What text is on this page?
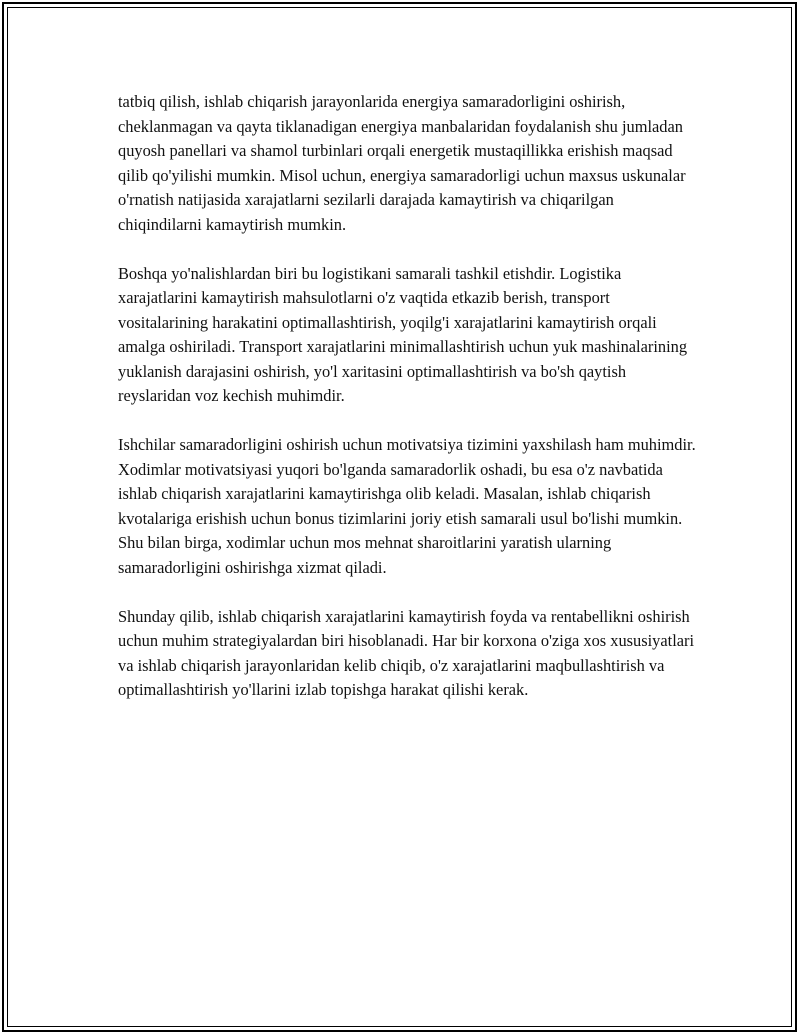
tatbiq qilish, ishlab chiqarish jarayonlarida energiya samaradorligini oshirish, cheklanmagan va qayta tiklanadigan energiya manbalaridan foydalanish shu jumladan quyosh panellari va shamol turbinlari orqali energetik mustaqillikka erishish maqsad qilib qo'yilishi mumkin. Misol uchun, energiya samaradorligi uchun maxsus uskunalar o'rnatish natijasida xarajatlarni sezilarli darajada kamaytirish va chiqarilgan chiqindilarni kamaytirish mumkin.

Boshqa yo'nalishlardan biri bu logistikani samarali tashkil etishdir. Logistika xarajatlarini kamaytirish mahsulotlarni o'z vaqtida etkazib berish, transport vositalarining harakatini optimallashtirish, yoqilg'i xarajatlarini kamaytirish orqali amalga oshiriladi. Transport xarajatlarini minimallashtirish uchun yuk mashinalarining yuklanish darajasini oshirish, yo'l xaritasini optimallashtirish va bo'sh qaytish reyslaridan voz kechish muhimdir.

Ishchilar samaradorligini oshirish uchun motivatsiya tizimini yaxshilash ham muhimdir. Xodimlar motivatsiyasi yuqori bo'lganda samaradorlik oshadi, bu esa o'z navbatida ishlab chiqarish xarajatlarini kamaytirishga olib keladi. Masalan, ishlab chiqarish kvotalariga erishish uchun bonus tizimlarini joriy etish samarali usul bo'lishi mumkin. Shu bilan birga, xodimlar uchun mos mehnat sharoitlarini yaratish ularning samaradorligini oshirishga xizmat qiladi.

Shunday qilib, ishlab chiqarish xarajatlarini kamaytirish foyda va rentabellikni oshirish uchun muhim strategiyalardan biri hisoblanadi. Har bir korxona o'ziga xos xususiyatlari va ishlab chiqarish jarayonlaridan kelib chiqib, o'z xarajatlarini maqbullashtirish va optimallashtirish yo'llarini izlab topishga harakat qilishi kerak.
